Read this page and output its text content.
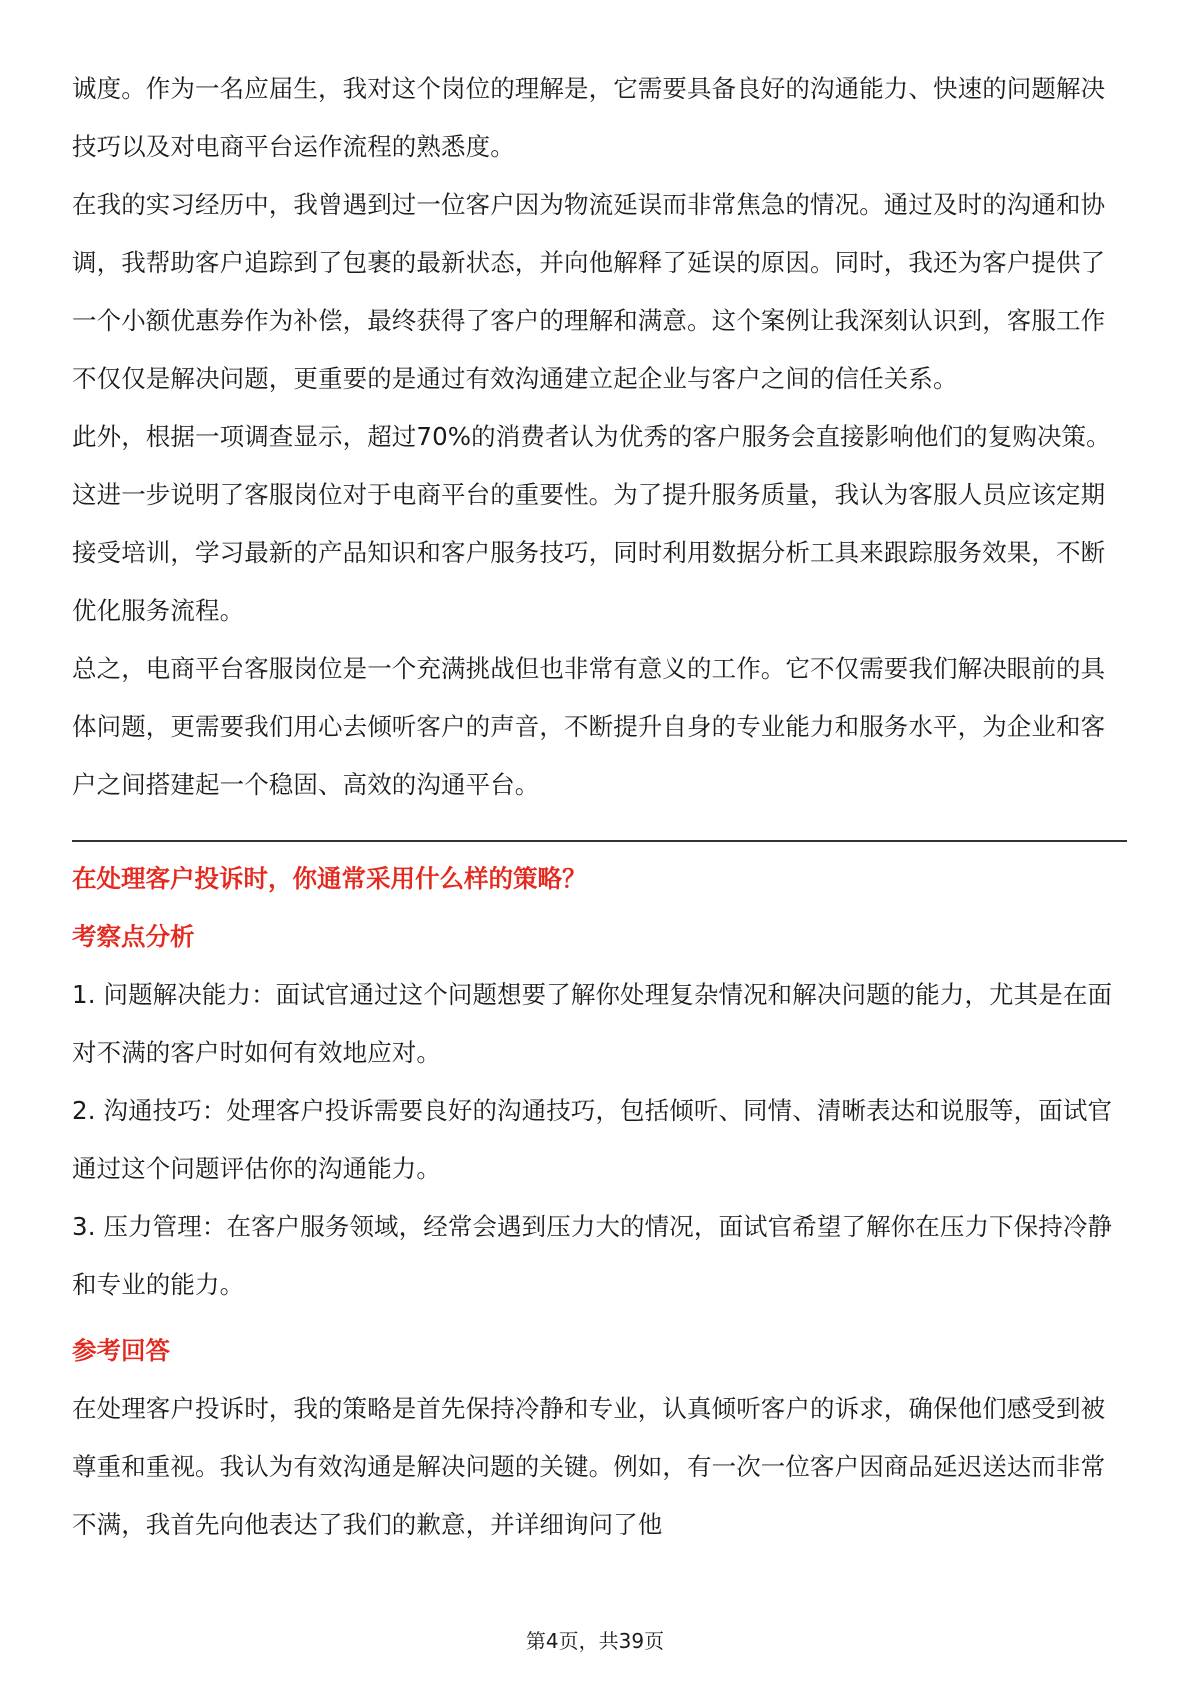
诚度。作为一名应届生，我对这个岗位的理解是，它需要具备良好的沟通能力、快速的问题解决技巧以及对电商平台运作流程的熟悉度。

在我的实习经历中，我曾遇到过一位客户因为物流延误而非常焦急的情况。通过及时的沟通和协调，我帮助客户追踪到了包裹的最新状态，并向他解释了延误的原因。同时，我还为客户提供了一个小额优惠券作为补偿，最终获得了客户的理解和满意。这个案例让我深刻认识到，客服工作不仅仅是解决问题，更重要的是通过有效沟通建立起企业与客户之间的信任关系。

此外，根据一项调查显示，超过70%的消费者认为优秀的客户服务会直接影响他们的复购决策。这进一步说明了客服岗位对于电商平台的重要性。为了提升服务质量，我认为客服人员应该定期接受培训，学习最新的产品知识和客户服务技巧，同时利用数据分析工具来跟踪服务效果，不断优化服务流程。

总之，电商平台客服岗位是一个充满挑战但也非常有意义的工作。它不仅需要我们解决眼前的具体问题，更需要我们用心去倾听客户的声音，不断提升自身的专业能力和服务水平，为企业和客户之间搭建起一个稳固、高效的沟通平台。

在处理客户投诉时，你通常采用什么样的策略？

考察点分析

1. 问题解决能力：面试官通过这个问题想要了解你处理复杂情况和解决问题的能力，尤其是在面对不满的客户时如何有效地应对。

2. 沟通技巧：处理客户投诉需要良好的沟通技巧，包括倾听、同情、清晰表达和说服等，面试官通过这个问题评估你的沟通能力。

3. 压力管理：在客户服务领域，经常会遇到压力大的情况，面试官希望了解你在压力下保持冷静和专业的能力。

参考回答

在处理客户投诉时，我的策略是首先保持冷静和专业，认真倾听客户的诉求，确保他们感受到被尊重和重视。我认为有效沟通是解决问题的关键。例如，有一次一位客户因商品延迟送达而非常不满，我首先向他表达了我们的歉意，并详细询问了他

第4页，共39页
